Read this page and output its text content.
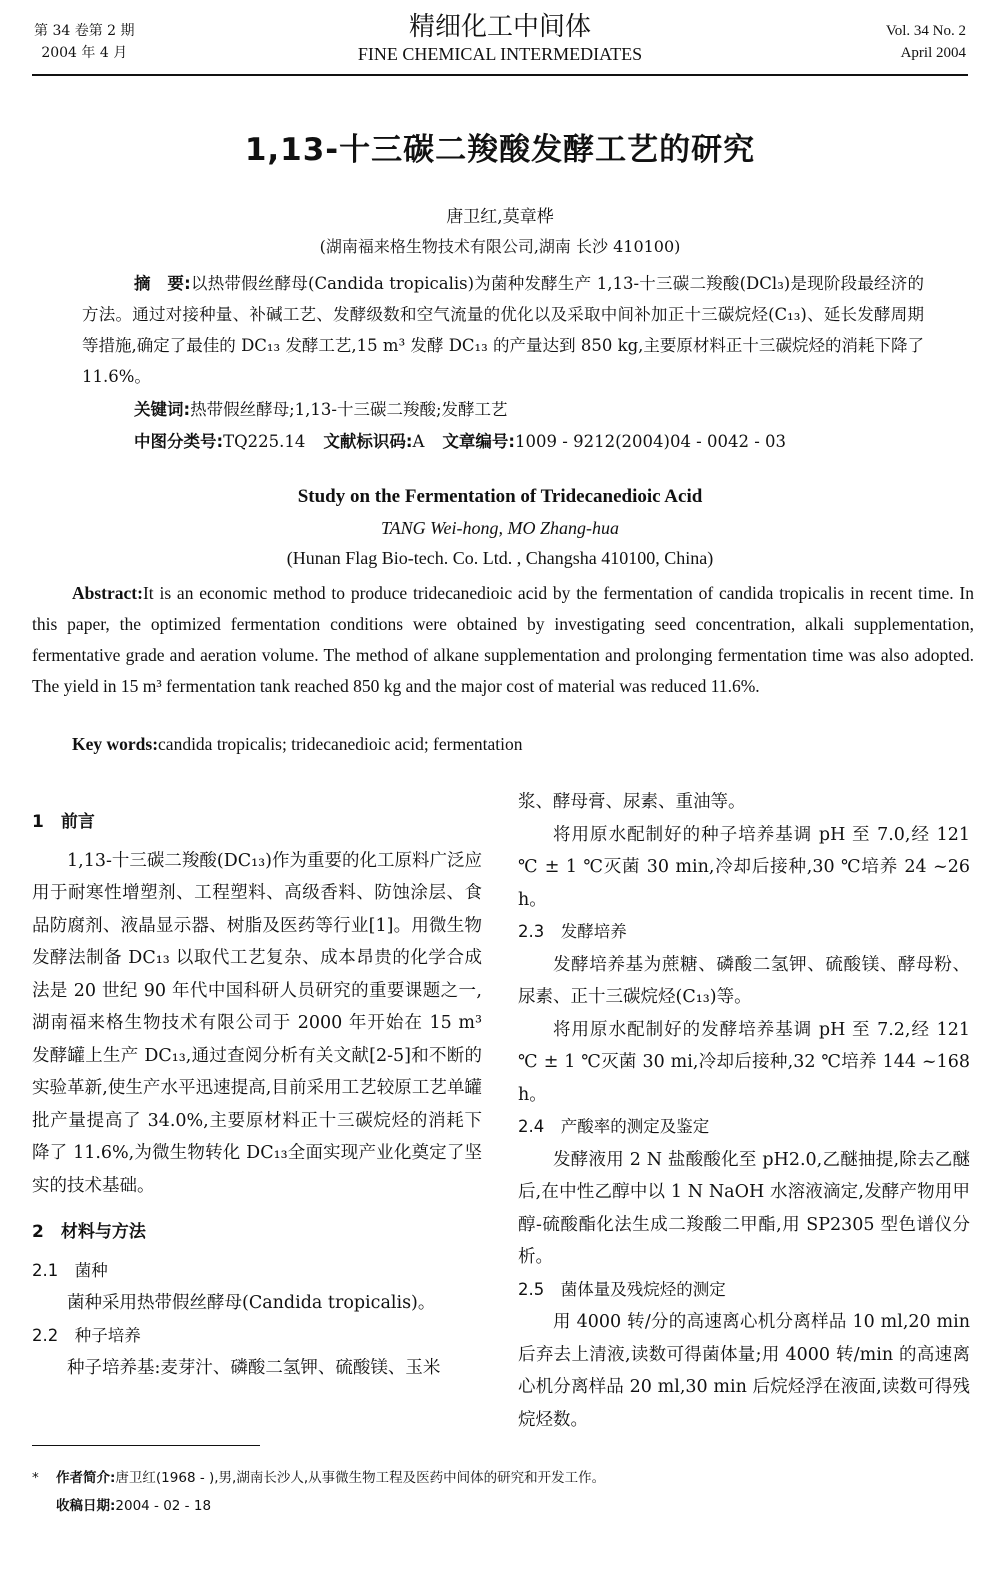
第 34 卷第 2 期
2004 年 4 月
精细化工中间体
FINE CHEMICAL INTERMEDIATES
Vol. 34 No. 2
April 2004
1,13-十三碳二羧酸发酵工艺的研究
唐卫红,莫章桦
(湖南福来格生物技术有限公司,湖南 长沙 410100)
摘　要:以热带假丝酵母(Candida tropicalis)为菌种发酵生产 1,13-十三碳二羧酸(DCl₃)是现阶段最经济的方法。通过对接种量、补碱工艺、发酵级数和空气流量的优化以及采取中间补加正十三碳烷烃(C₁₃)、延长发酵周期等措施,确定了最佳的 DC₁₃ 发酵工艺,15 m³ 发酵 DC₁₃ 的产量达到 850 kg,主要原材料正十三碳烷烃的消耗下降了 11.6%。
关键词:热带假丝酵母;1,13-十三碳二羧酸;发酵工艺
中图分类号:TQ225.14 文献标识码:A 文章编号:1009 - 9212(2004)04 - 0042 - 03
Study on the Fermentation of Tridecanedioic Acid
TANG Wei-hong, MO Zhang-hua
(Hunan Flag Bio-tech. Co. Ltd. , Changsha 410100, China)
Abstract:It is an economic method to produce tridecanedioic acid by the fermentation of candida tropicalis in recent time. In this paper, the optimized fermentation conditions were obtained by investigating seed concentration, alkali supplementation, fermentative grade and aeration volume. The method of alkane supplementation and prolonging fermentation time was also adopted. The yield in 15 m³ fermentation tank reached 850 kg and the major cost of material was reduced 11.6%.
Key words:candida tropicalis; tridecanedioic acid; fermentation
1　前言

1,13-十三碳二羧酸(DC₁₃)作为重要的化工原料广泛应用于耐寒性增塑剂、工程塑料、高级香料、防蚀涂层、食品防腐剂、液晶显示器、树脂及医药等行业[1]。用微生物发酵法制备 DC₁₃ 以取代工艺复杂、成本昂贵的化学合成法是 20 世纪 90 年代中国科研人员研究的重要课题之一,湖南福来格生物技术有限公司于 2000 年开始在 15 m³ 发酵罐上生产 DC₁₃,通过查阅分析有关文献[2-5]和不断的实验革新,使生产水平迅速提高,目前采用工艺较原工艺单罐批产量提高了 34.0%,主要原材料正十三碳烷烃的消耗下降了 11.6%,为微生物转化 DC₁₃全面实现产业化奠定了坚实的技术基础。

2　材料与方法
2.1　菌种

菌种采用热带假丝酵母(Candida tropicalis)。

2.2　种子培养

种子培养基:麦芽汁、磷酸二氢钾、硫酸镁、玉米

浆、酵母膏、尿素、重油等。

将用原水配制好的种子培养基调 pH 至 7.0,经 121 ℃ ± 1 ℃灭菌 30 min,冷却后接种,30 ℃培养 24 ~26 h。

2.3　发酵培养

发酵培养基为蔗糖、磷酸二氢钾、硫酸镁、酵母粉、尿素、正十三碳烷烃(C₁₃)等。

将用原水配制好的发酵培养基调 pH 至 7.2,经 121 ℃ ± 1 ℃灭菌 30 mi,冷却后接种,32 ℃培养 144 ~168 h。

2.4　产酸率的测定及鉴定

发酵液用 2 N 盐酸酸化至 pH2.0,乙醚抽提,除去乙醚后,在中性乙醇中以 1 N NaOH 水溶液滴定,发酵产物用甲醇-硫酸酯化法生成二羧酸二甲酯,用 SP2305 型色谱仪分析。

2.5　菌体量及残烷烃的测定

用 4000 转/分的高速离心机分离样品 10 ml,20 min 后弃去上清液,读数可得菌体量;用 4000 转/min 的高速离心机分离样品 20 ml,30 min 后烷烃浮在液面,读数可得残烷烃数。

* 作者简介:唐卫红(1968 - ),男,湖南长沙人,从事微生物工程及医药中间体的研究和开发工作。
收稿日期:2004 - 02 - 18
